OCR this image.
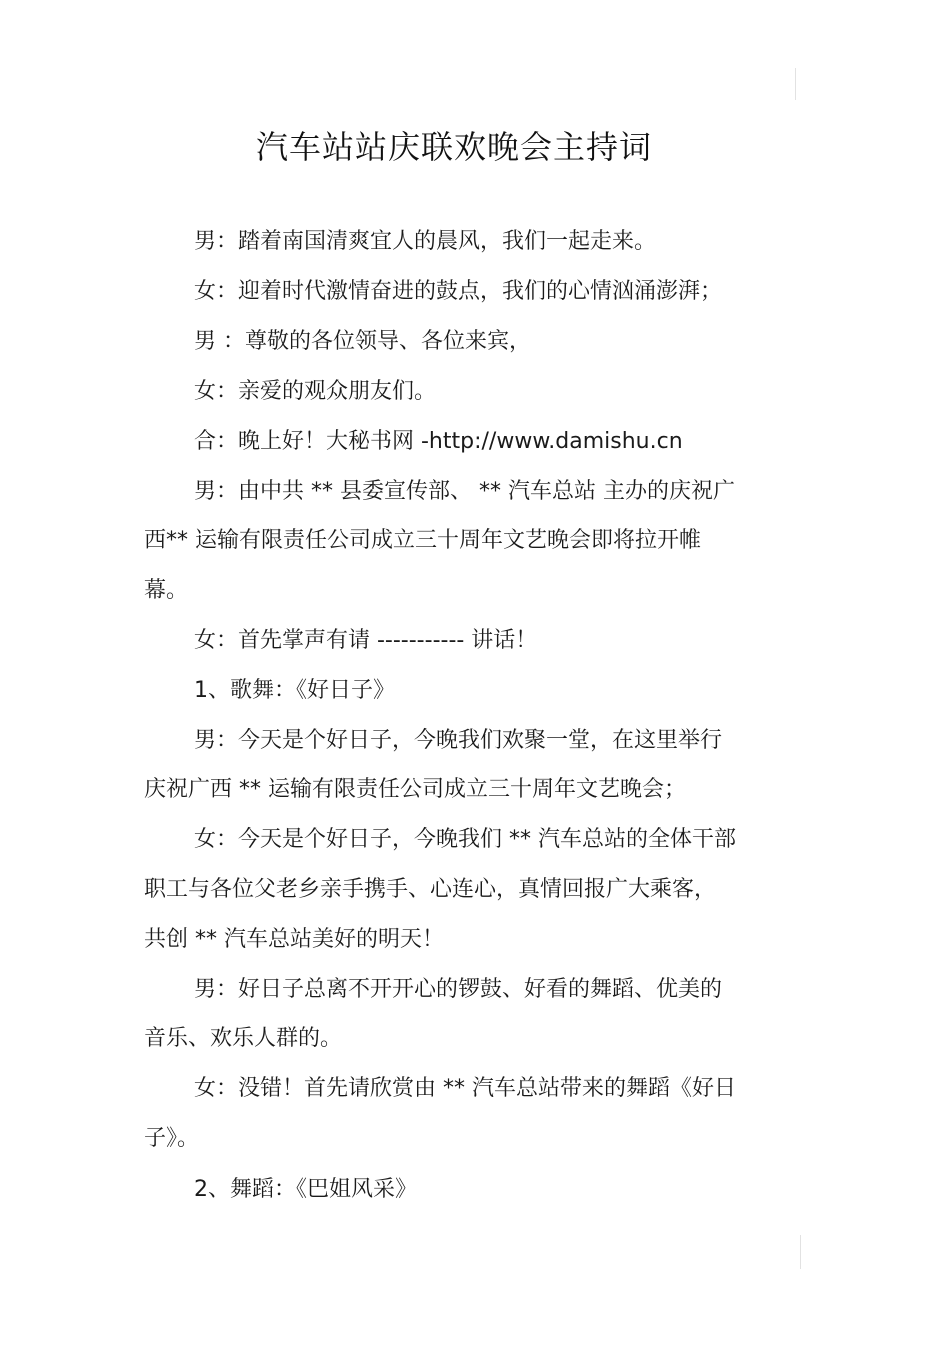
汽车站站庆联欢晚会主持词
男：踏着南国清爽宜人的晨风，我们一起走来。
女：迎着时代激情奋进的鼓点，我们的心情汹涌澎湃；
男 ：尊敬的各位领导、各位来宾，
女：亲爱的观众朋友们。
合：晚上好！大秘书网 -http://www.damishu.cn
男：由中共 ** 县委宣传部、 ** 汽车总站 主办的庆祝广
西** 运输有限责任公司成立三十周年文艺晚会即将拉开帷
幕。
女：首先掌声有请 ----------- 讲话！
1、歌舞：《好日子》
男：今天是个好日子，今晚我们欢聚一堂，在这里举行
庆祝广西 ** 运输有限责任公司成立三十周年文艺晚会；
女：今天是个好日子，今晚我们 ** 汽车总站的全体干部
职工与各位父老乡亲手携手、心连心，真情回报广大乘客，
共创 ** 汽车总站美好的明天！
男：好日子总离不开开心的锣鼓、好看的舞蹈、优美的
音乐、欢乐人群的。
女：没错！首先请欣赏由 ** 汽车总站带来的舞蹈《好日
子》。
2、舞蹈：《巴姐风采》
